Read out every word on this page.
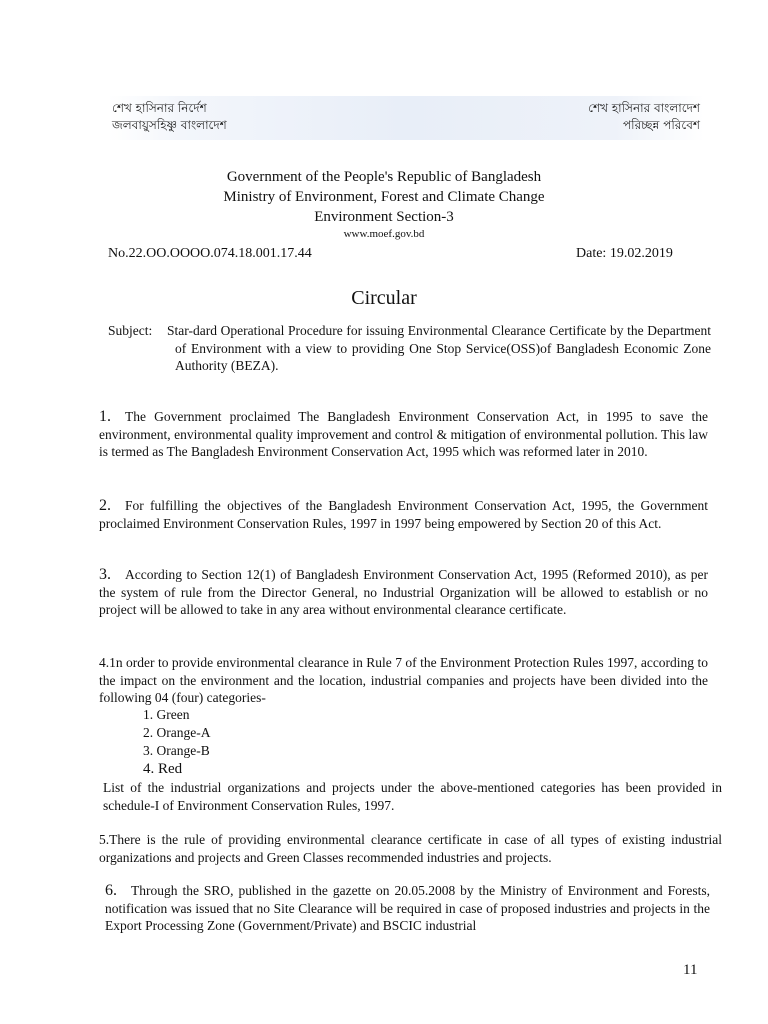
শেখ হাসিনার নির্দেশ
জলবায়ুসহিষ্ণু বাংলাদেশ
শেখ হাসিনার বাংলাদেশ
পরিচ্ছন্ন পরিবেশ
Government of the People's Republic of Bangladesh
Ministry of Environment, Forest and Climate Change
Environment Section-3
www.moef.gov.bd
No.22.OO.OOOO.074.18.001.17.44	Date: 19.02.2019
Circular
Subject: Star-dard Operational Procedure for issuing Environmental Clearance Certificate by the Department of Environment with a view to providing One Stop Service(OSS)of Bangladesh Economic Zone Authority (BEZA).
1. The Government proclaimed The Bangladesh Environment Conservation Act, in 1995 to save the environment, environmental quality improvement and control & mitigation of environmental pollution. This law is termed as The Bangladesh Environment Conservation Act, 1995 which was reformed later in 2010.
2. For fulfilling the objectives of the Bangladesh Environment Conservation Act, 1995, the Government proclaimed Environment Conservation Rules, 1997 in 1997 being empowered by Section 20 of this Act.
3. According to Section 12(1) of Bangladesh Environment Conservation Act, 1995 (Reformed 2010), as per the system of rule from the Director General, no Industrial Organization will be allowed to establish or no project will be allowed to take in any area without environmental clearance certificate.
4.1n order to provide environmental clearance in Rule 7 of the Environment Protection Rules 1997, according to the impact on the environment and the location, industrial companies and projects have been divided into the following 04 (four) categories-
1. Green
2. Orange-A
3. Orange-B
4. Red
List of the industrial organizations and projects under the above-mentioned categories has been provided in schedule-I of Environment Conservation Rules, 1997.
5.There is the rule of providing environmental clearance certificate in case of all types of existing industrial organizations and projects and Green Classes recommended industries and projects.
6. Through the SRO, published in the gazette on 20.05.2008 by the Ministry of Environment and Forests, notification was issued that no Site Clearance will be required in case of proposed industries and projects in the Export Processing Zone (Government/Private) and BSCIC industrial
11
